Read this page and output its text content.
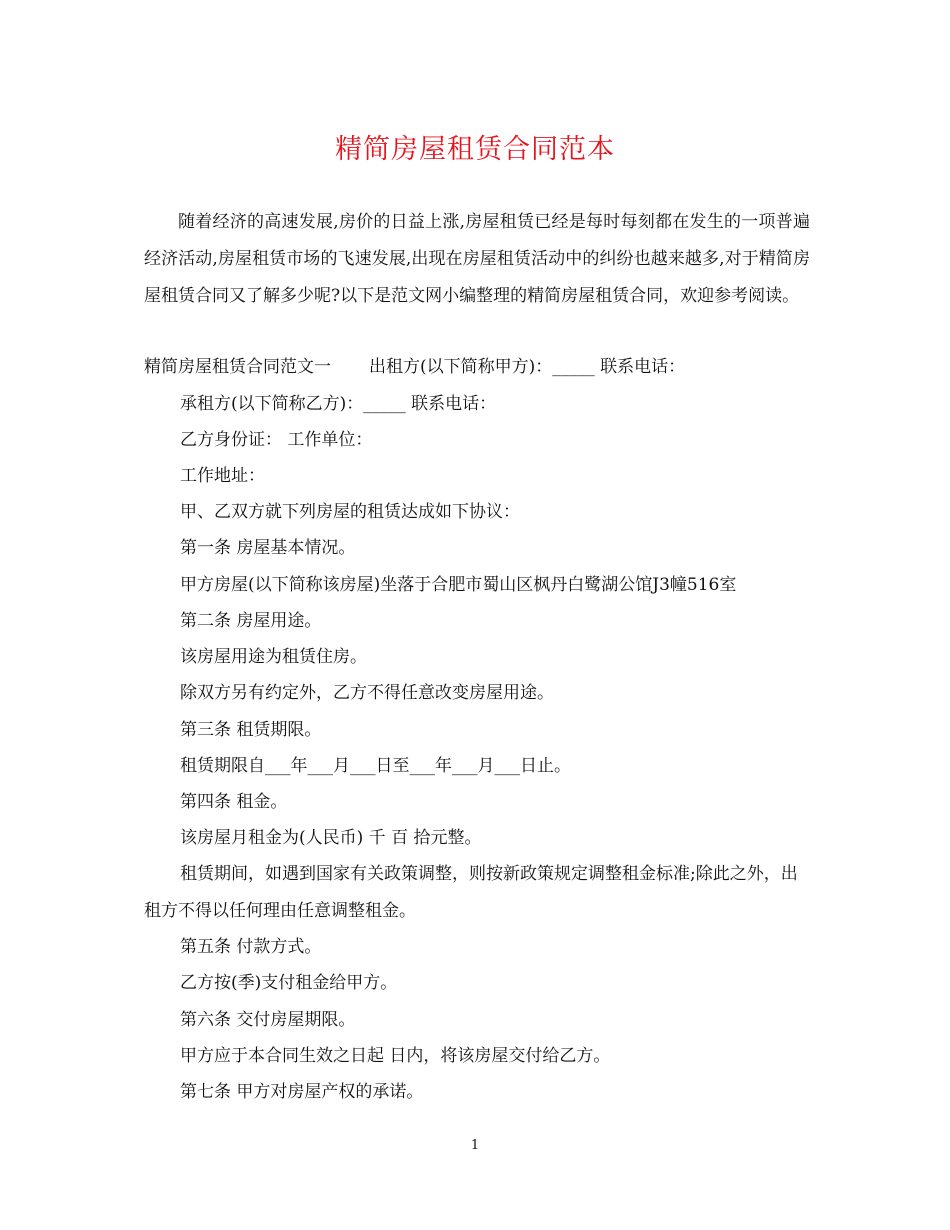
精简房屋租赁合同范本

随着经济的高速发展,房价的日益上涨,房屋租赁已经是每时每刻都在发生的一项普遍经济活动,房屋租赁市场的飞速发展,出现在房屋租赁活动中的纠纷也越来越多,对于精简房屋租赁合同又了解多少呢?以下是范文网小编整理的精简房屋租赁合同，欢迎参考阅读。

精简房屋租赁合同范文一 出租方(以下简称甲方)：_____ 联系电话：

承租方(以下简称乙方)：_____ 联系电话：

乙方身份证： 工作单位：

工作地址：

甲、乙双方就下列房屋的租赁达成如下协议：

第一条 房屋基本情况。

甲方房屋(以下简称该房屋)坐落于合肥市蜀山区枫丹白鹭湖公馆J3幢516室

第二条 房屋用途。

该房屋用途为租赁住房。

除双方另有约定外，乙方不得任意改变房屋用途。

第三条 租赁期限。

租赁期限自___年___月___日至___年___月___日止。

第四条 租金。

该房屋月租金为(人民币) 千 百 拾元整。

租赁期间，如遇到国家有关政策调整，则按新政策规定调整租金标准;除此之外，出租方不得以任何理由任意调整租金。

第五条 付款方式。

乙方按(季)支付租金给甲方。

第六条 交付房屋期限。

甲方应于本合同生效之日起 日内，将该房屋交付给乙方。

第七条 甲方对房屋产权的承诺。

1
